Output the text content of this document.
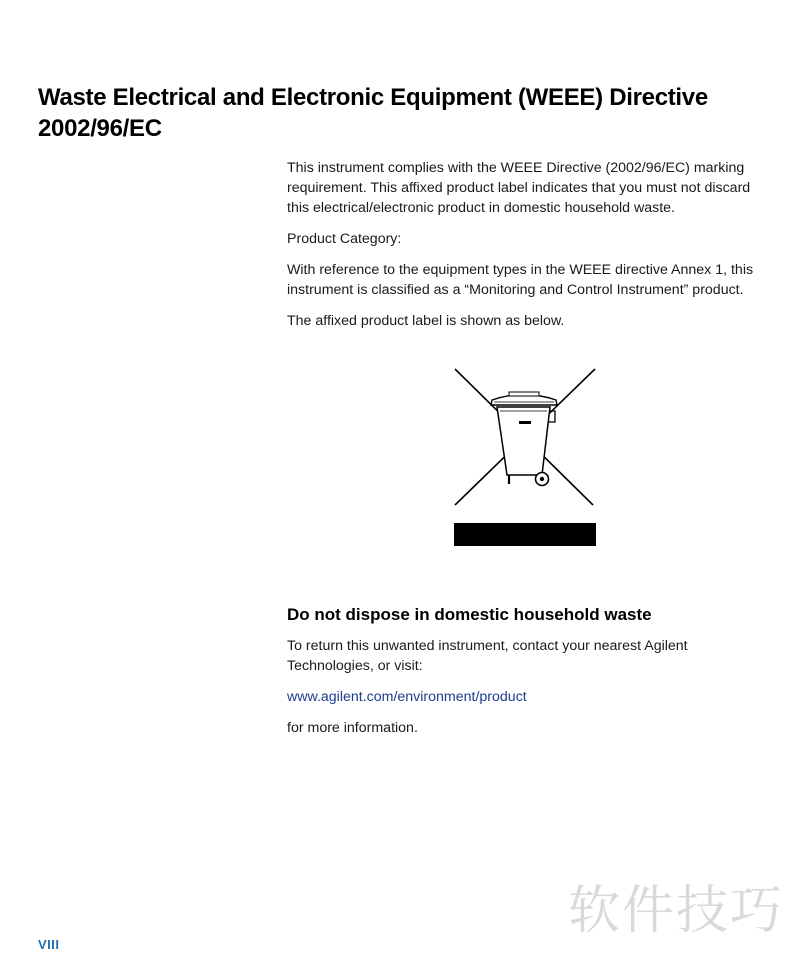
Waste Electrical and Electronic Equipment (WEEE) Directive 2002/96/EC

This instrument complies with the WEEE Directive (2002/96/EC) marking requirement. This affixed product label indicates that you must not discard this electrical/electronic product in domestic household waste.

Product Category:

With reference to the equipment types in the WEEE directive Annex 1, this instrument is classified as a “Monitoring and Control Instrument” product.

The affixed product label is shown as below.

Do not dispose in domestic household waste

To return this unwanted instrument, contact your nearest Agilent Technologies, or visit:

www.agilent.com/environment/product

for more information.

软件技巧
VIII
